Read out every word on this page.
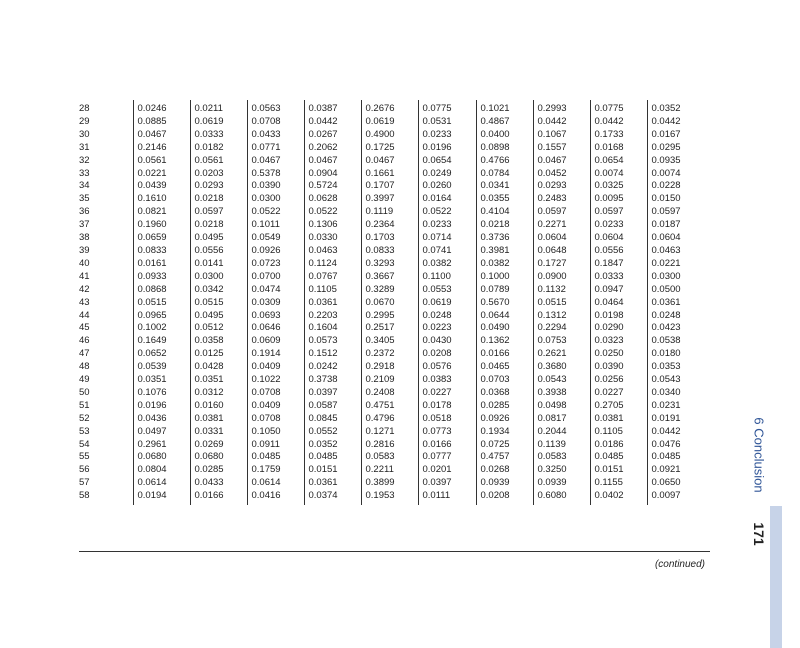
28	0.0246	0.0211	0.0563	0.0387	0.2676	0.0775	0.1021	0.2993	0.0775	0.0352
29	0.0885	0.0619	0.0708	0.0442	0.0619	0.0531	0.4867	0.0442	0.0442	0.0442
30	0.0467	0.0333	0.0433	0.0267	0.4900	0.0233	0.0400	0.1067	0.1733	0.0167
31	0.2146	0.0182	0.0771	0.2062	0.1725	0.0196	0.0898	0.1557	0.0168	0.0295
32	0.0561	0.0561	0.0467	0.0467	0.0467	0.0654	0.4766	0.0467	0.0654	0.0935
33	0.0221	0.0203	0.5378	0.0904	0.1661	0.0249	0.0784	0.0452	0.0074	0.0074
34	0.0439	0.0293	0.0390	0.5724	0.1707	0.0260	0.0341	0.0293	0.0325	0.0228
35	0.1610	0.0218	0.0300	0.0628	0.3997	0.0164	0.0355	0.2483	0.0095	0.0150
36	0.0821	0.0597	0.0522	0.0522	0.1119	0.0522	0.4104	0.0597	0.0597	0.0597
37	0.1960	0.0218	0.1011	0.1306	0.2364	0.0233	0.0218	0.2271	0.0233	0.0187
38	0.0659	0.0495	0.0549	0.0330	0.1703	0.0714	0.3736	0.0604	0.0604	0.0604
39	0.0833	0.0556	0.0926	0.0463	0.0833	0.0741	0.3981	0.0648	0.0556	0.0463
40	0.0161	0.0141	0.0723	0.1124	0.3293	0.0382	0.0382	0.1727	0.1847	0.0221
41	0.0933	0.0300	0.0700	0.0767	0.3667	0.1100	0.1000	0.0900	0.0333	0.0300
42	0.0868	0.0342	0.0474	0.1105	0.3289	0.0553	0.0789	0.1132	0.0947	0.0500
43	0.0515	0.0515	0.0309	0.0361	0.0670	0.0619	0.5670	0.0515	0.0464	0.0361
44	0.0965	0.0495	0.0693	0.2203	0.2995	0.0248	0.0644	0.1312	0.0198	0.0248
45	0.1002	0.0512	0.0646	0.1604	0.2517	0.0223	0.0490	0.2294	0.0290	0.0423
46	0.1649	0.0358	0.0609	0.0573	0.3405	0.0430	0.1362	0.0753	0.0323	0.0538
47	0.0652	0.0125	0.1914	0.1512	0.2372	0.0208	0.0166	0.2621	0.0250	0.0180
48	0.0539	0.0428	0.0409	0.0242	0.2918	0.0576	0.0465	0.3680	0.0390	0.0353
49	0.0351	0.0351	0.1022	0.3738	0.2109	0.0383	0.0703	0.0543	0.0256	0.0543
50	0.1076	0.0312	0.0708	0.0397	0.2408	0.0227	0.0368	0.3938	0.0227	0.0340
51	0.0196	0.0160	0.0409	0.0587	0.4751	0.0178	0.0285	0.0498	0.2705	0.0231
52	0.0436	0.0381	0.0708	0.0845	0.4796	0.0518	0.0926	0.0817	0.0381	0.0191
53	0.0497	0.0331	0.1050	0.0552	0.1271	0.0773	0.1934	0.2044	0.1105	0.0442
54	0.2961	0.0269	0.0911	0.0352	0.2816	0.0166	0.0725	0.1139	0.0186	0.0476
55	0.0680	0.0680	0.0485	0.0485	0.0583	0.0777	0.4757	0.0583	0.0485	0.0485
56	0.0804	0.0285	0.1759	0.0151	0.2211	0.0201	0.0268	0.3250	0.0151	0.0921
57	0.0614	0.0433	0.0614	0.0361	0.3899	0.0397	0.0939	0.0939	0.1155	0.0650
58	0.0194	0.0166	0.0416	0.0374	0.1953	0.0111	0.0208	0.6080	0.0402	0.0097
(continued)
6 Conclusion
171
